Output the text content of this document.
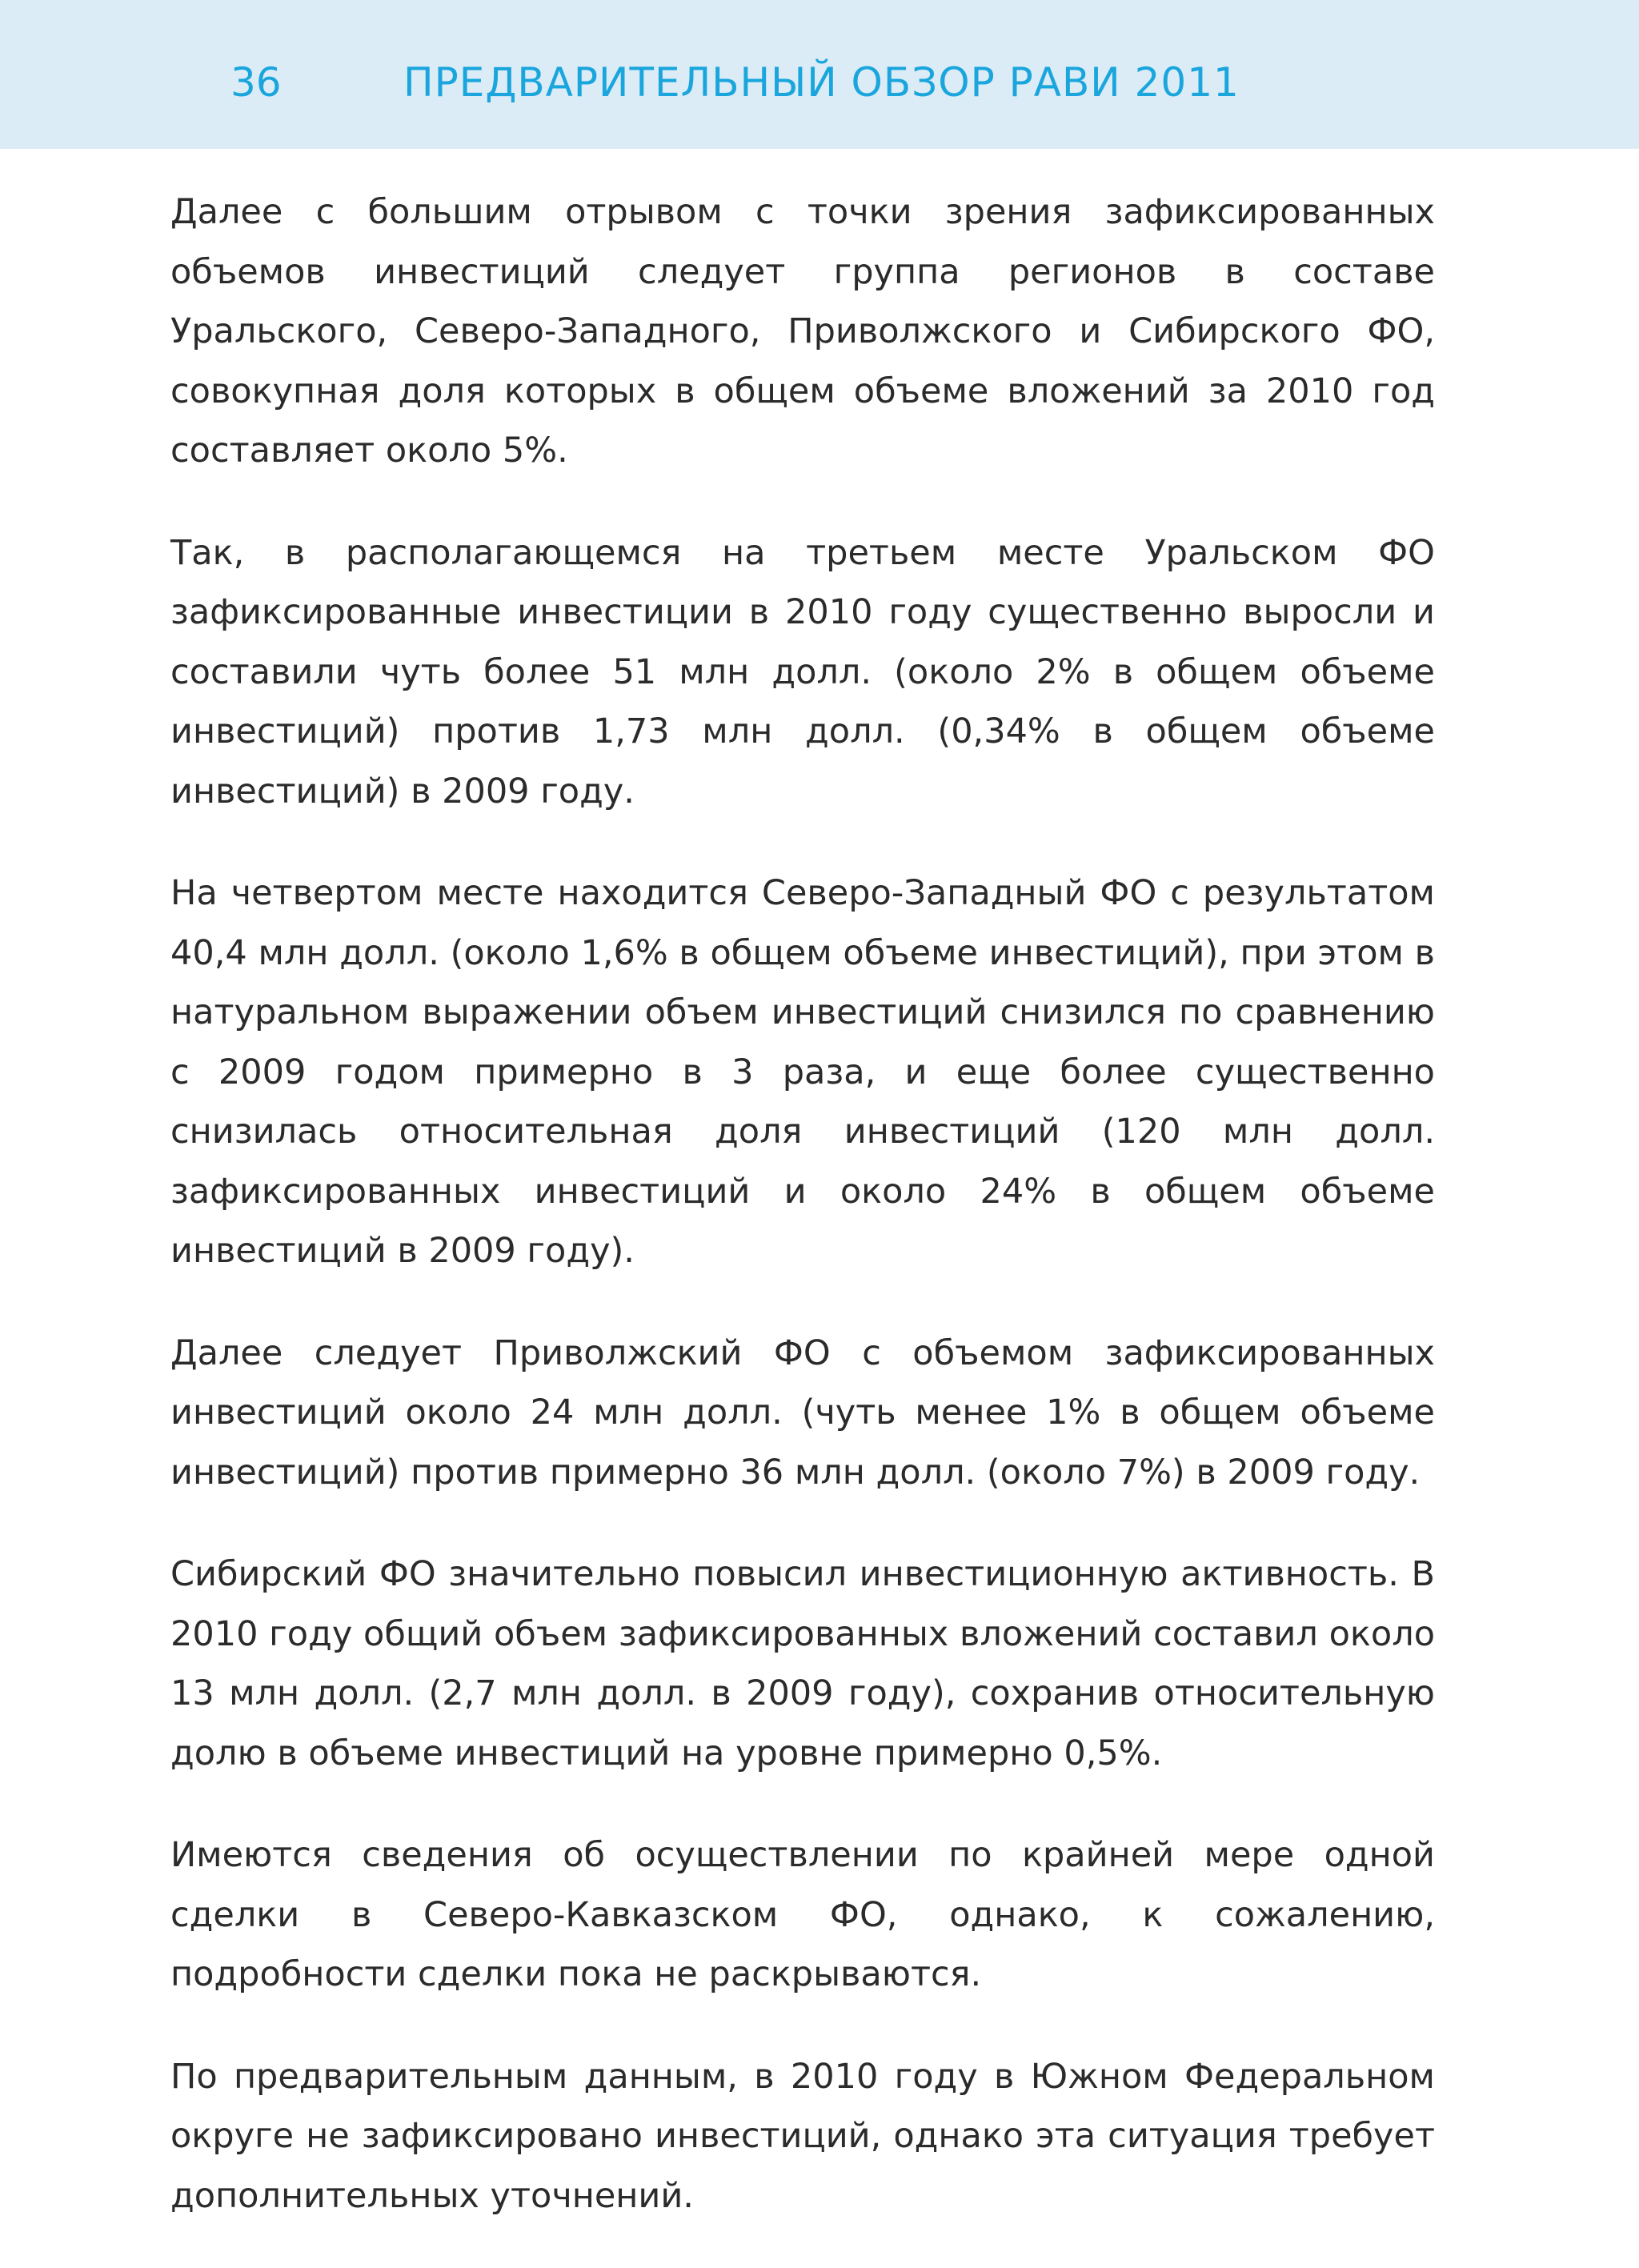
36	ПРЕДВАРИТЕЛЬНЫЙ ОБЗОР РАВИ 2011

Далее с большим отрывом с точки зрения зафиксированных объемов инвестиций следует группа регионов в составе Уральского, Северо-Западного, Приволжского и Сибирского ФО, совокупная доля которых в общем объеме вложений за 2010 год составляет около 5%.

Так, в располагающемся на третьем месте Уральском ФО зафиксированные инвестиции в 2010 году существенно выросли и составили чуть более 51 млн долл. (около 2% в общем объеме инвестиций) против 1,73 млн долл. (0,34% в общем объеме инвестиций) в 2009 году.

На четвертом месте находится Северо-Западный ФО с результатом 40,4 млн долл. (около 1,6% в общем объеме инвестиций), при этом в натуральном выражении объем инвестиций снизился по сравнению с 2009 годом примерно в 3 раза, и еще более существенно снизилась относительная доля инвестиций (120 млн долл. зафиксированных инвестиций и около 24% в общем объеме инвестиций в 2009 году).

Далее следует Приволжский ФО с объемом зафиксированных инвестиций около 24 млн долл. (чуть менее 1% в общем объеме инвестиций) против примерно 36 млн долл. (около 7%) в 2009 году.

Сибирский ФО значительно повысил инвестиционную активность. В 2010 году общий объем зафиксированных вложений составил около 13 млн долл. (2,7 млн долл. в 2009 году), сохранив относительную долю в объеме инвестиций на уровне примерно 0,5%.

Имеются сведения об осуществлении по крайней мере одной сделки в Северо-Кавказском ФО, однако, к сожалению, подробности сделки пока не раскрываются.

По предварительным данным, в 2010 году в Южном Федеральном округе не зафиксировано инвестиций, однако эта ситуация требует дополнительных уточнений.
